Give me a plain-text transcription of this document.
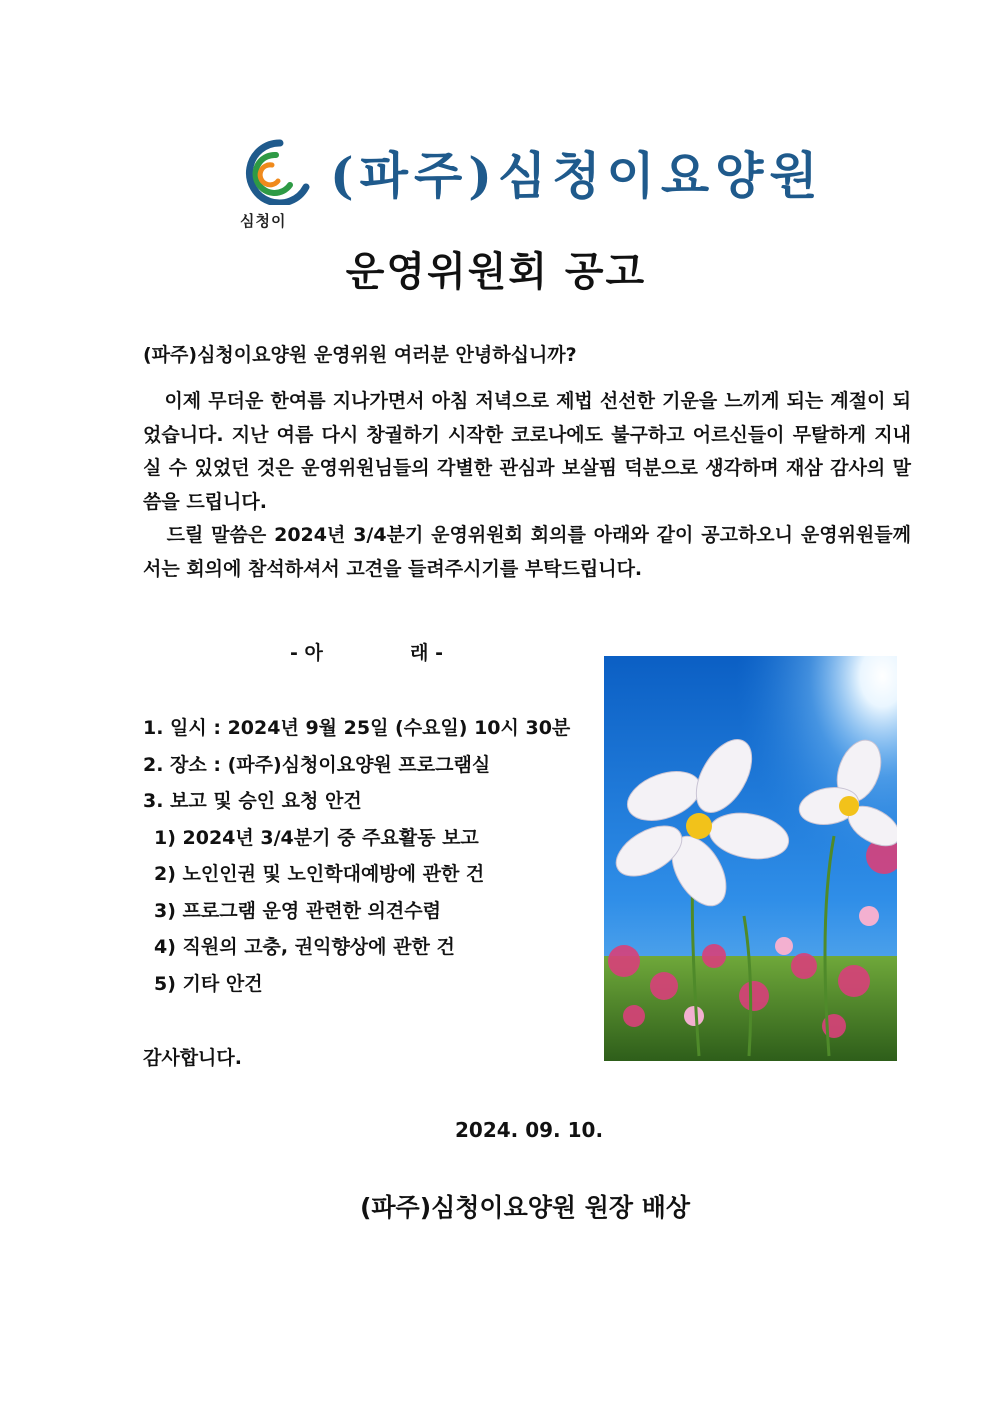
심청이
(파주)심청이요양원
운영위원회 공고
(파주)심청이요양원 운영위원 여러분 안녕하십니까?

이제 무더운 한여름 지나가면서 아침 저녁으로 제법 선선한 기운을 느끼게 되는 계절이 되었습니다. 지난 여름 다시 창궐하기 시작한 코로나에도 불구하고 어르신들이 무탈하게 지내실 수 있었던 것은 운영위원님들의 각별한 관심과 보살핌 덕분으로 생각하며 재삼 감사의 말씀을 드립니다.

드릴 말씀은 2024년 3/4분기 운영위원회 회의를 아래와 같이 공고하오니 운영위원들께서는 회의에 참석하셔서 고견을 들려주시기를 부탁드립니다.

- 아	래 -
1. 일시 : 2024년 9월 25일 (수요일) 10시 30분
2. 장소 : (파주)심청이요양원 프로그램실
3. 보고 및 승인 요청 안건
1) 2024년 3/4분기 중 주요활동 보고
2) 노인인권 및 노인학대예방에 관한 건
3) 프로그램 운영 관련한 의견수렴
4) 직원의 고충, 권익향상에 관한 건
5) 기타 안건
감사합니다.
2024. 09. 10.
(파주)심청이요양원 원장 배상
